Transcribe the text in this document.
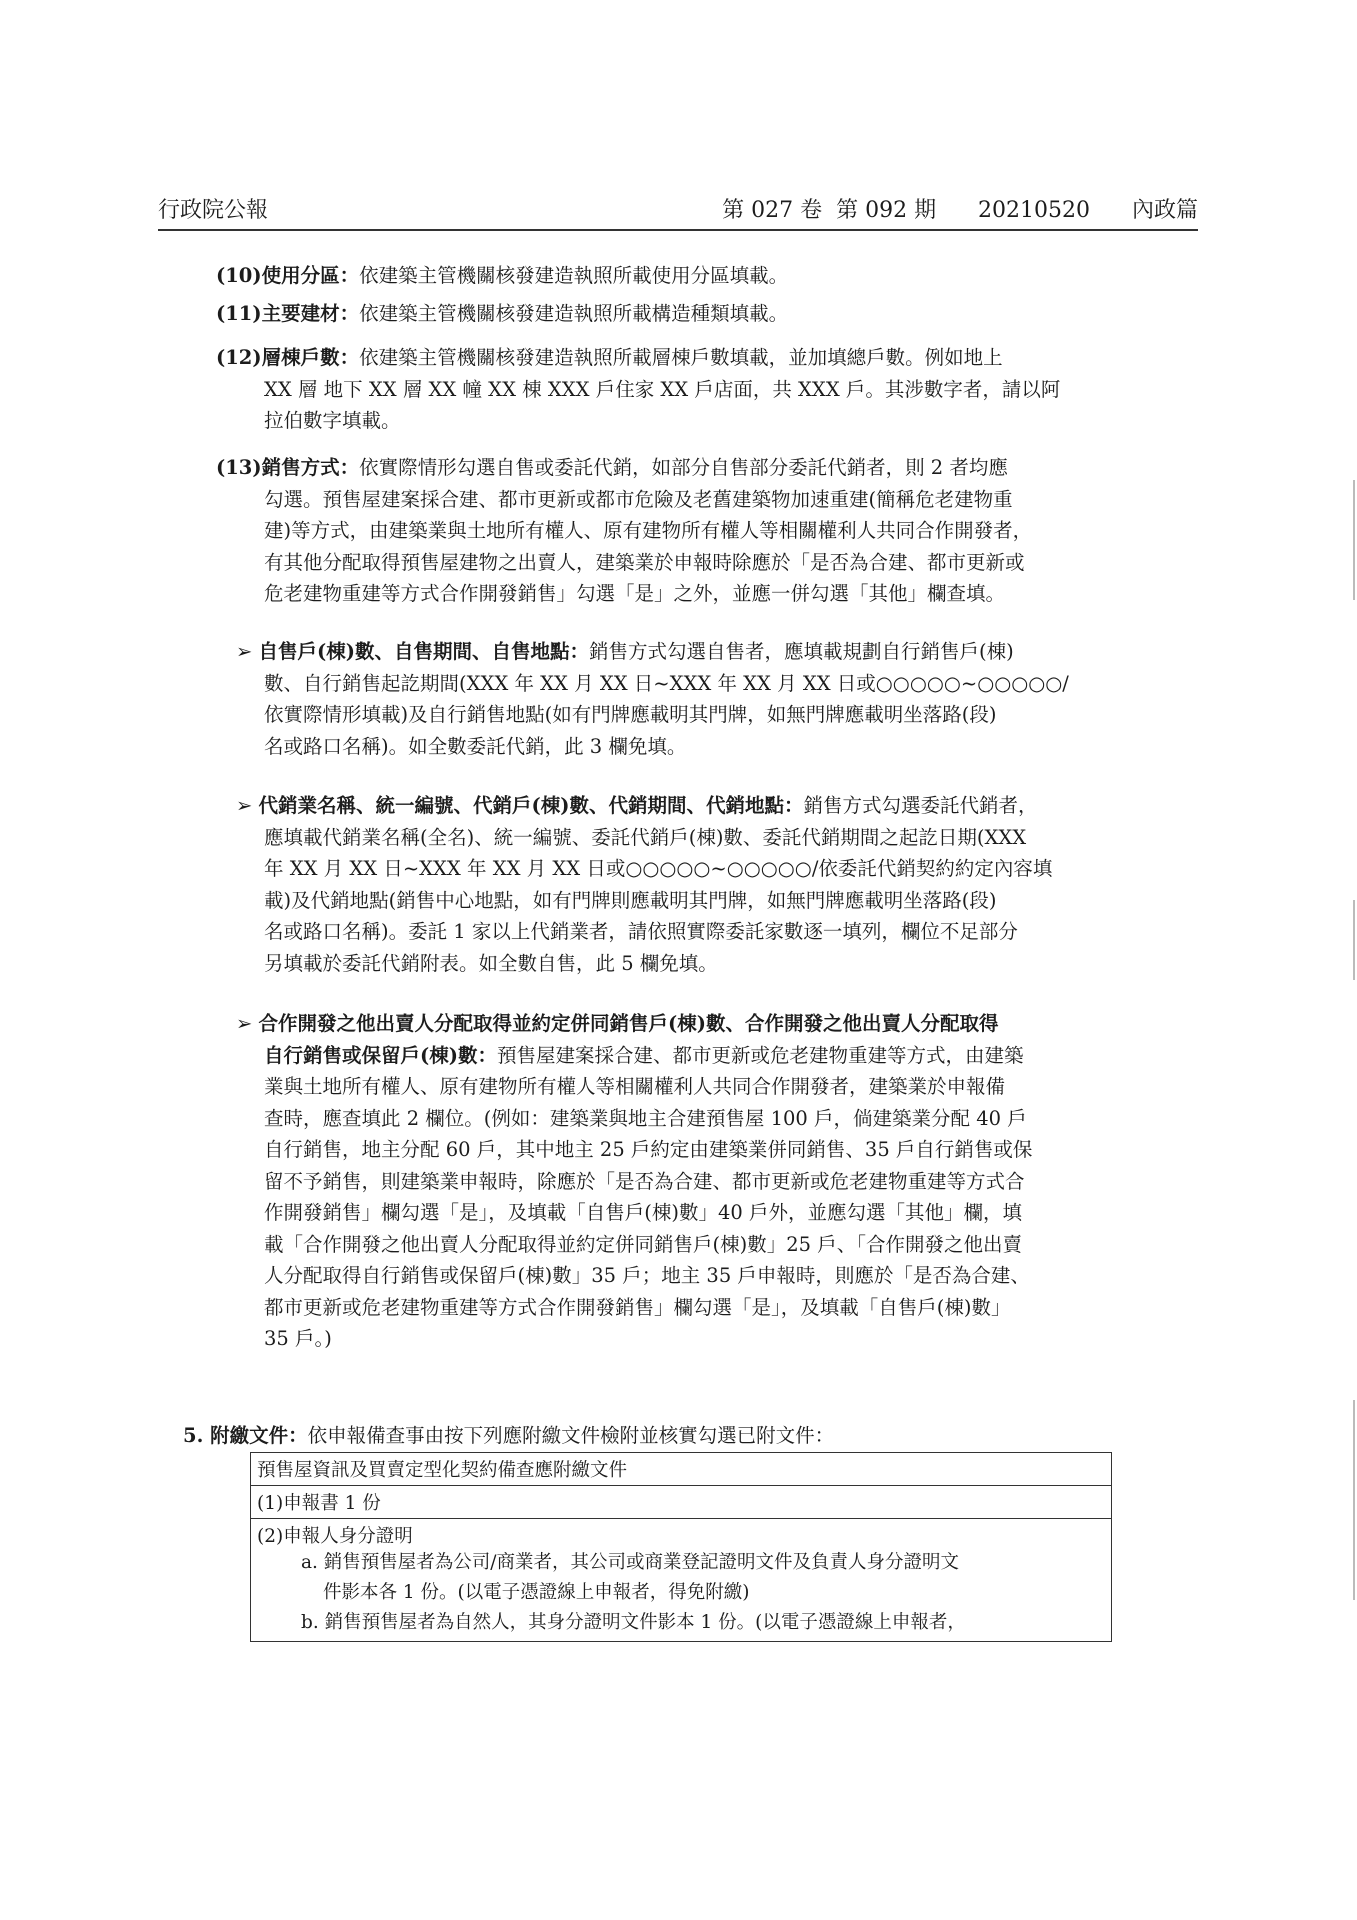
行政院公報	第 027 卷  第 092 期      20210520      內政篇
(10)使用分區：依建築主管機關核發建造執照所載使用分區填載。
(11)主要建材：依建築主管機關核發建造執照所載構造種類填載。
(12)層棟戶數：依建築主管機關核發建造執照所載層棟戶數填載，並加填總戶數。例如地上
XX 層 地下 XX 層 XX 幢 XX 棟 XXX 戶住家 XX 戶店面，共 XXX 戶。其涉數字者，請以阿
拉伯數字填載。
(13)銷售方式：依實際情形勾選自售或委託代銷，如部分自售部分委託代銷者，則 2 者均應
勾選。預售屋建案採合建、都市更新或都市危險及老舊建築物加速重建(簡稱危老建物重
建)等方式，由建築業與土地所有權人、原有建物所有權人等相關權利人共同合作開發者，
有其他分配取得預售屋建物之出賣人，建築業於申報時除應於「是否為合建、都市更新或
危老建物重建等方式合作開發銷售」勾選「是」之外，並應一併勾選「其他」欄查填。
➢ 自售戶(棟)數、自售期間、自售地點：銷售方式勾選自售者，應填載規劃自行銷售戶(棟)
數、自行銷售起訖期間(XXX 年 XX 月 XX 日~XXX 年 XX 月 XX 日或○○○○○~○○○○○/
依實際情形填載)及自行銷售地點(如有門牌應載明其門牌，如無門牌應載明坐落路(段)
名或路口名稱)。如全數委託代銷，此 3 欄免填。
➢ 代銷業名稱、統一編號、代銷戶(棟)數、代銷期間、代銷地點：銷售方式勾選委託代銷者，
應填載代銷業名稱(全名)、統一編號、委託代銷戶(棟)數、委託代銷期間之起訖日期(XXX
年 XX 月 XX 日~XXX 年 XX 月 XX 日或○○○○○~○○○○○/依委託代銷契約約定內容填
載)及代銷地點(銷售中心地點，如有門牌則應載明其門牌，如無門牌應載明坐落路(段)
名或路口名稱)。委託 1 家以上代銷業者，請依照實際委託家數逐一填列，欄位不足部分
另填載於委託代銷附表。如全數自售，此 5 欄免填。
➢ 合作開發之他出賣人分配取得並約定併同銷售戶(棟)數、合作開發之他出賣人分配取得
自行銷售或保留戶(棟)數：預售屋建案採合建、都市更新或危老建物重建等方式，由建築
業與土地所有權人、原有建物所有權人等相關權利人共同合作開發者，建築業於申報備
查時，應查填此 2 欄位。(例如：建築業與地主合建預售屋 100 戶，倘建築業分配 40 戶
自行銷售，地主分配 60 戶，其中地主 25 戶約定由建築業併同銷售、35 戶自行銷售或保
留不予銷售，則建築業申報時，除應於「是否為合建、都市更新或危老建物重建等方式合
作開發銷售」欄勾選「是」，及填載「自售戶(棟)數」40 戶外，並應勾選「其他」欄，填
載「合作開發之他出賣人分配取得並約定併同銷售戶(棟)數」25 戶、「合作開發之他出賣
人分配取得自行銷售或保留戶(棟)數」35 戶；地主 35 戶申報時，則應於「是否為合建、
都市更新或危老建物重建等方式合作開發銷售」欄勾選「是」，及填載「自售戶(棟)數」
35 戶。)
5. 附繳文件：依申報備查事由按下列應附繳文件檢附並核實勾選已附文件：
預售屋資訊及買賣定型化契約備查應附繳文件
(1)申報書 1 份
(2)申報人身分證明
a. 銷售預售屋者為公司/商業者，其公司或商業登記證明文件及負責人身分證明文
件影本各 1 份。(以電子憑證線上申報者，得免附繳)
b. 銷售預售屋者為自然人，其身分證明文件影本 1 份。(以電子憑證線上申報者，
